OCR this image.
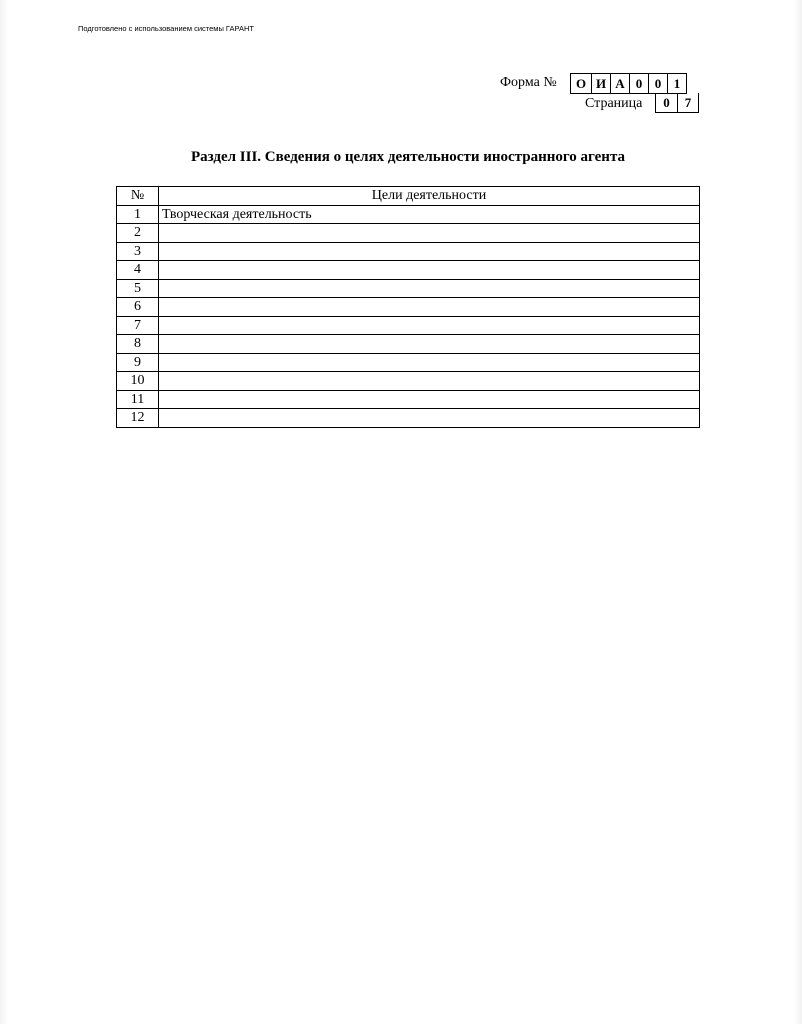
Подготовлено с использованием системы ГАРАНТ
Форма №	О И А 0 0 1
Страница	0	7
Раздел III. Сведения о целях деятельности иностранного агента
№	Цели деятельности
1	Творческая деятельность
2	
3	
4	
5	
6	
7	
8	
9	
10	
11	
12	
